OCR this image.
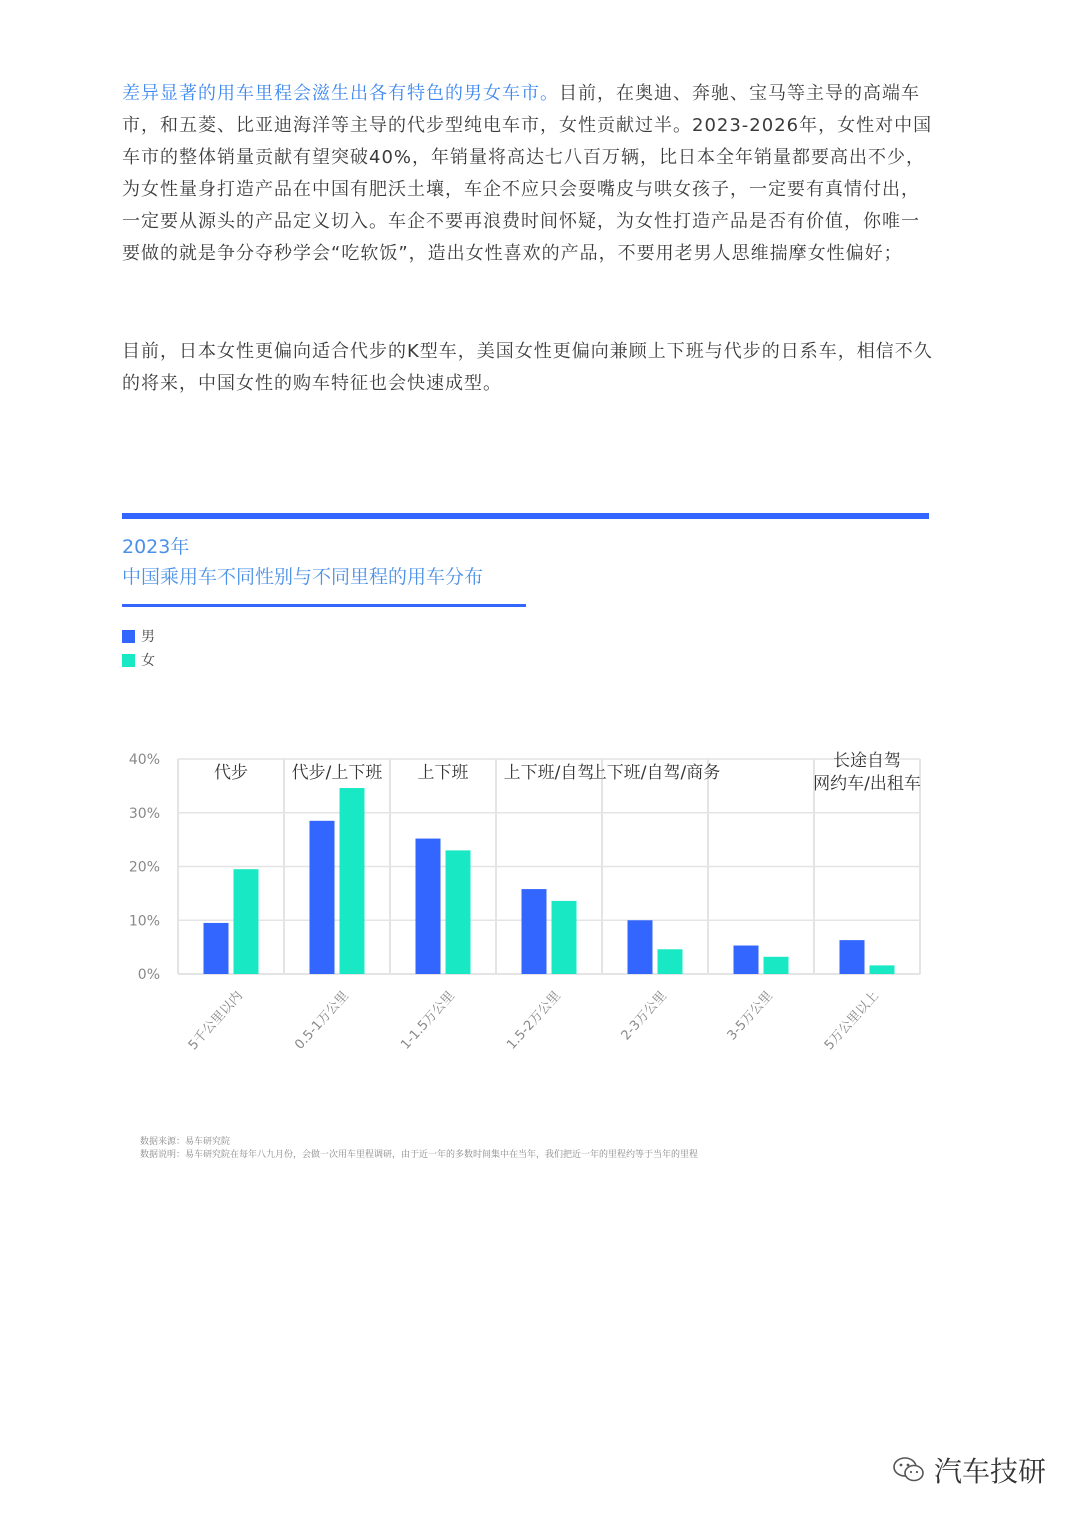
差异显著的用车里程会滋生出各有特色的男女车市。目前，在奥迪、奔驰、宝马等主导的高端车市，和五菱、比亚迪海洋等主导的代步型纯电车市，女性贡献过半。2023-2026年，女性对中国车市的整体销量贡献有望突破40%，年销量将高达七八百万辆，比日本全年销量都要高出不少，为女性量身打造产品在中国有肥沃土壤，车企不应只会耍嘴皮与哄女孩子，一定要有真情付出，一定要从源头的产品定义切入。车企不要再浪费时间怀疑，为女性打造产品是否有价值，你唯一要做的就是争分夺秒学会“吃软饭”，造出女性喜欢的产品，不要用老男人思维揣摩女性偏好；

目前，日本女性更偏向适合代步的K型车，美国女性更偏向兼顾上下班与代步的日系车，相信不久的将来，中国女性的购车特征也会快速成型。

2023年

中国乘用车不同性别与不同里程的用车分布

男
女
0%
10%
20%
30%
40%
代步	代步/上下班 上下班 上下班/自驾
上下班/自驾/商务
长途自驾
网约车/出租车
5千公里以内	0.5-1万公里	1-1.5万公里	1.5-2万公里	2-3万公里	3-5万公里	5万公里以上

数据来源：易车研究院

数据说明：易车研究院在每年八九月份，会做一次用车里程调研，由于近一年的多数时间集中在当年，我们把近一年的里程约等于当年的里程

汽车技研
